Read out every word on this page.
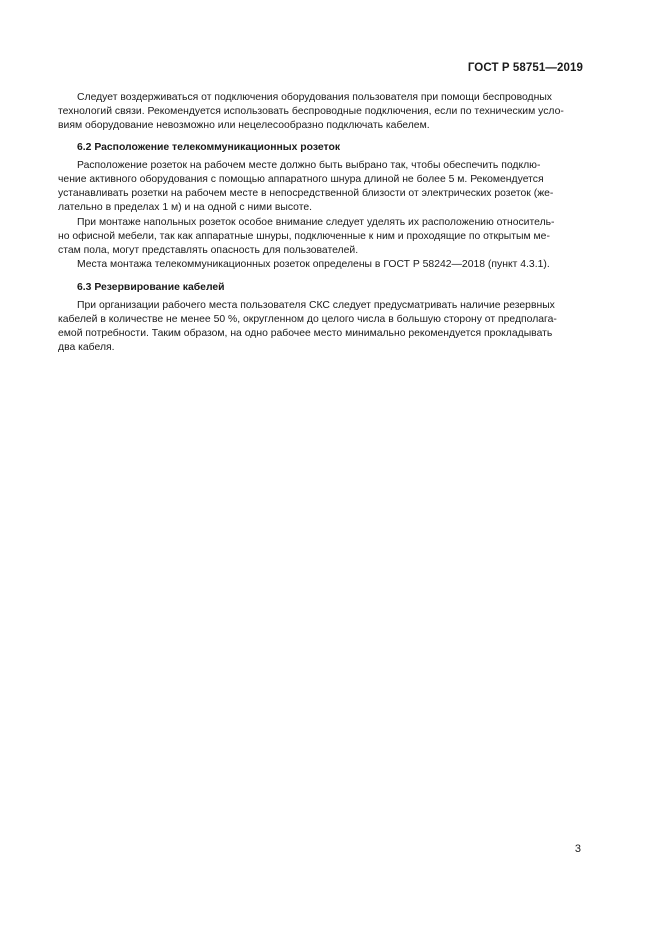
ГОСТ Р 58751—2019
Следует воздерживаться от подключения оборудования пользователя при помощи беспроводных
технологий связи. Рекомендуется использовать беспроводные подключения, если по техническим усло-
виям оборудование невозможно или нецелесообразно подключать кабелем.
6.2 Расположение телекоммуникационных розеток
Расположение розеток на рабочем месте должно быть выбрано так, чтобы обеспечить подклю-
чение активного оборудования с помощью аппаратного шнура длиной не более 5 м. Рекомендуется
устанавливать розетки на рабочем месте в непосредственной близости от электрических розеток (же-
лательно в пределах 1 м) и на одной с ними высоте.
При монтаже напольных розеток особое внимание следует уделять их расположению относитель-
но офисной мебели, так как аппаратные шнуры, подключенные к ним и проходящие по открытым ме-
стам пола, могут представлять опасность для пользователей.
Места монтажа телекоммуникационных розеток определены в ГОСТ Р 58242—2018 (пункт 4.3.1).
6.3 Резервирование кабелей
При организации рабочего места пользователя СКС следует предусматривать наличие резервных
кабелей в количестве не менее 50 %, округленном до целого числа в большую сторону от предполага-
емой потребности. Таким образом, на одно рабочее место минимально рекомендуется прокладывать
два кабеля.
3
